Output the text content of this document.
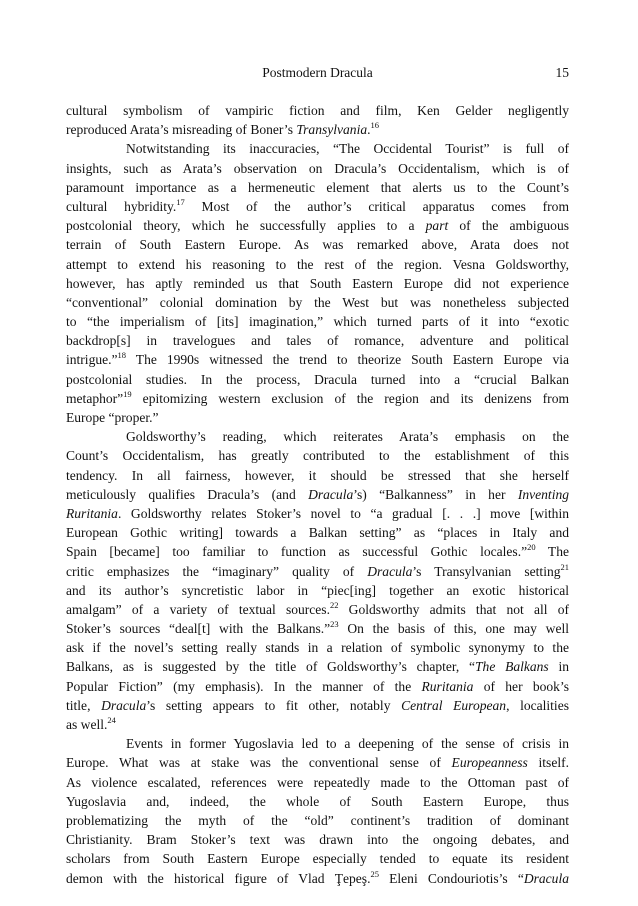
Postmodern Dracula	15
cultural symbolism of vampiric fiction and film, Ken Gelder negligently
reproduced Arata’s misreading of Boner’s Transylvania.$^{16}$
Notwitstanding its inaccuracies, “The Occidental Tourist” is full of
insights, such as Arata’s observation on Dracula’s Occidentalism, which is of
paramount importance as a hermeneutic element that alerts us to the Count’s
cultural hybridity.$^{17}$ Most of the author’s critical apparatus comes from
postcolonial theory, which he successfully applies to a part of the ambiguous
terrain of South Eastern Europe. As was remarked above, Arata does not
attempt to extend his reasoning to the rest of the region. Vesna Goldsworthy,
however, has aptly reminded us that South Eastern Europe did not experience
“conventional” colonial domination by the West but was nonetheless subjected
to “the imperialism of [its] imagination,” which turned parts of it into “exotic
backdrop[s] in travelogues and tales of romance, adventure and political
intrigue.”$^{18}$ The 1990s witnessed the trend to theorize South Eastern Europe via
postcolonial studies. In the process, Dracula turned into a “crucial Balkan
metaphor”$^{19}$ epitomizing western exclusion of the region and its denizens from
Europe “proper.”
Goldsworthy’s reading, which reiterates Arata’s emphasis on the
Count’s Occidentalism, has greatly contributed to the establishment of this
tendency. In all fairness, however, it should be stressed that she herself
meticulously qualifies Dracula’s (and Dracula’s) “Balkanness” in her Inventing
Ruritania. Goldsworthy relates Stoker’s novel to “a gradual [. . .] move [within
European Gothic writing] towards a Balkan setting” as “places in Italy and
Spain [became] too familiar to function as successful Gothic locales.”$^{20}$ The
critic emphasizes the “imaginary” quality of Dracula’s Transylvanian setting$^{21}$
and its author’s syncretistic labor in “piec[ing] together an exotic historical
amalgam” of a variety of textual sources.$^{22}$ Goldsworthy admits that not all of
Stoker’s sources “deal[t] with the Balkans.”$^{23}$ On the basis of this, one may well
ask if the novel’s setting really stands in a relation of symbolic synonymy to the
Balkans, as is suggested by the title of Goldsworthy’s chapter, “The Balkans in
Popular Fiction” (my emphasis). In the manner of the Ruritania of her book’s
title, Dracula’s setting appears to fit other, notably Central European, localities
as well.$^{24}$
Events in former Yugoslavia led to a deepening of the sense of crisis in
Europe. What was at stake was the conventional sense of Europeanness itself.
As violence escalated, references were repeatedly made to the Ottoman past of
Yugoslavia and, indeed, the whole of South Eastern Europe, thus
problematizing the myth of the “old” continent’s tradition of dominant
Christianity. Bram Stoker’s text was drawn into the ongoing debates, and
scholars from South Eastern Europe especially tended to equate its resident
demon with the historical figure of Vlad Ţepeş.$^{25}$ Eleni Condouriotis’s “Dracula
